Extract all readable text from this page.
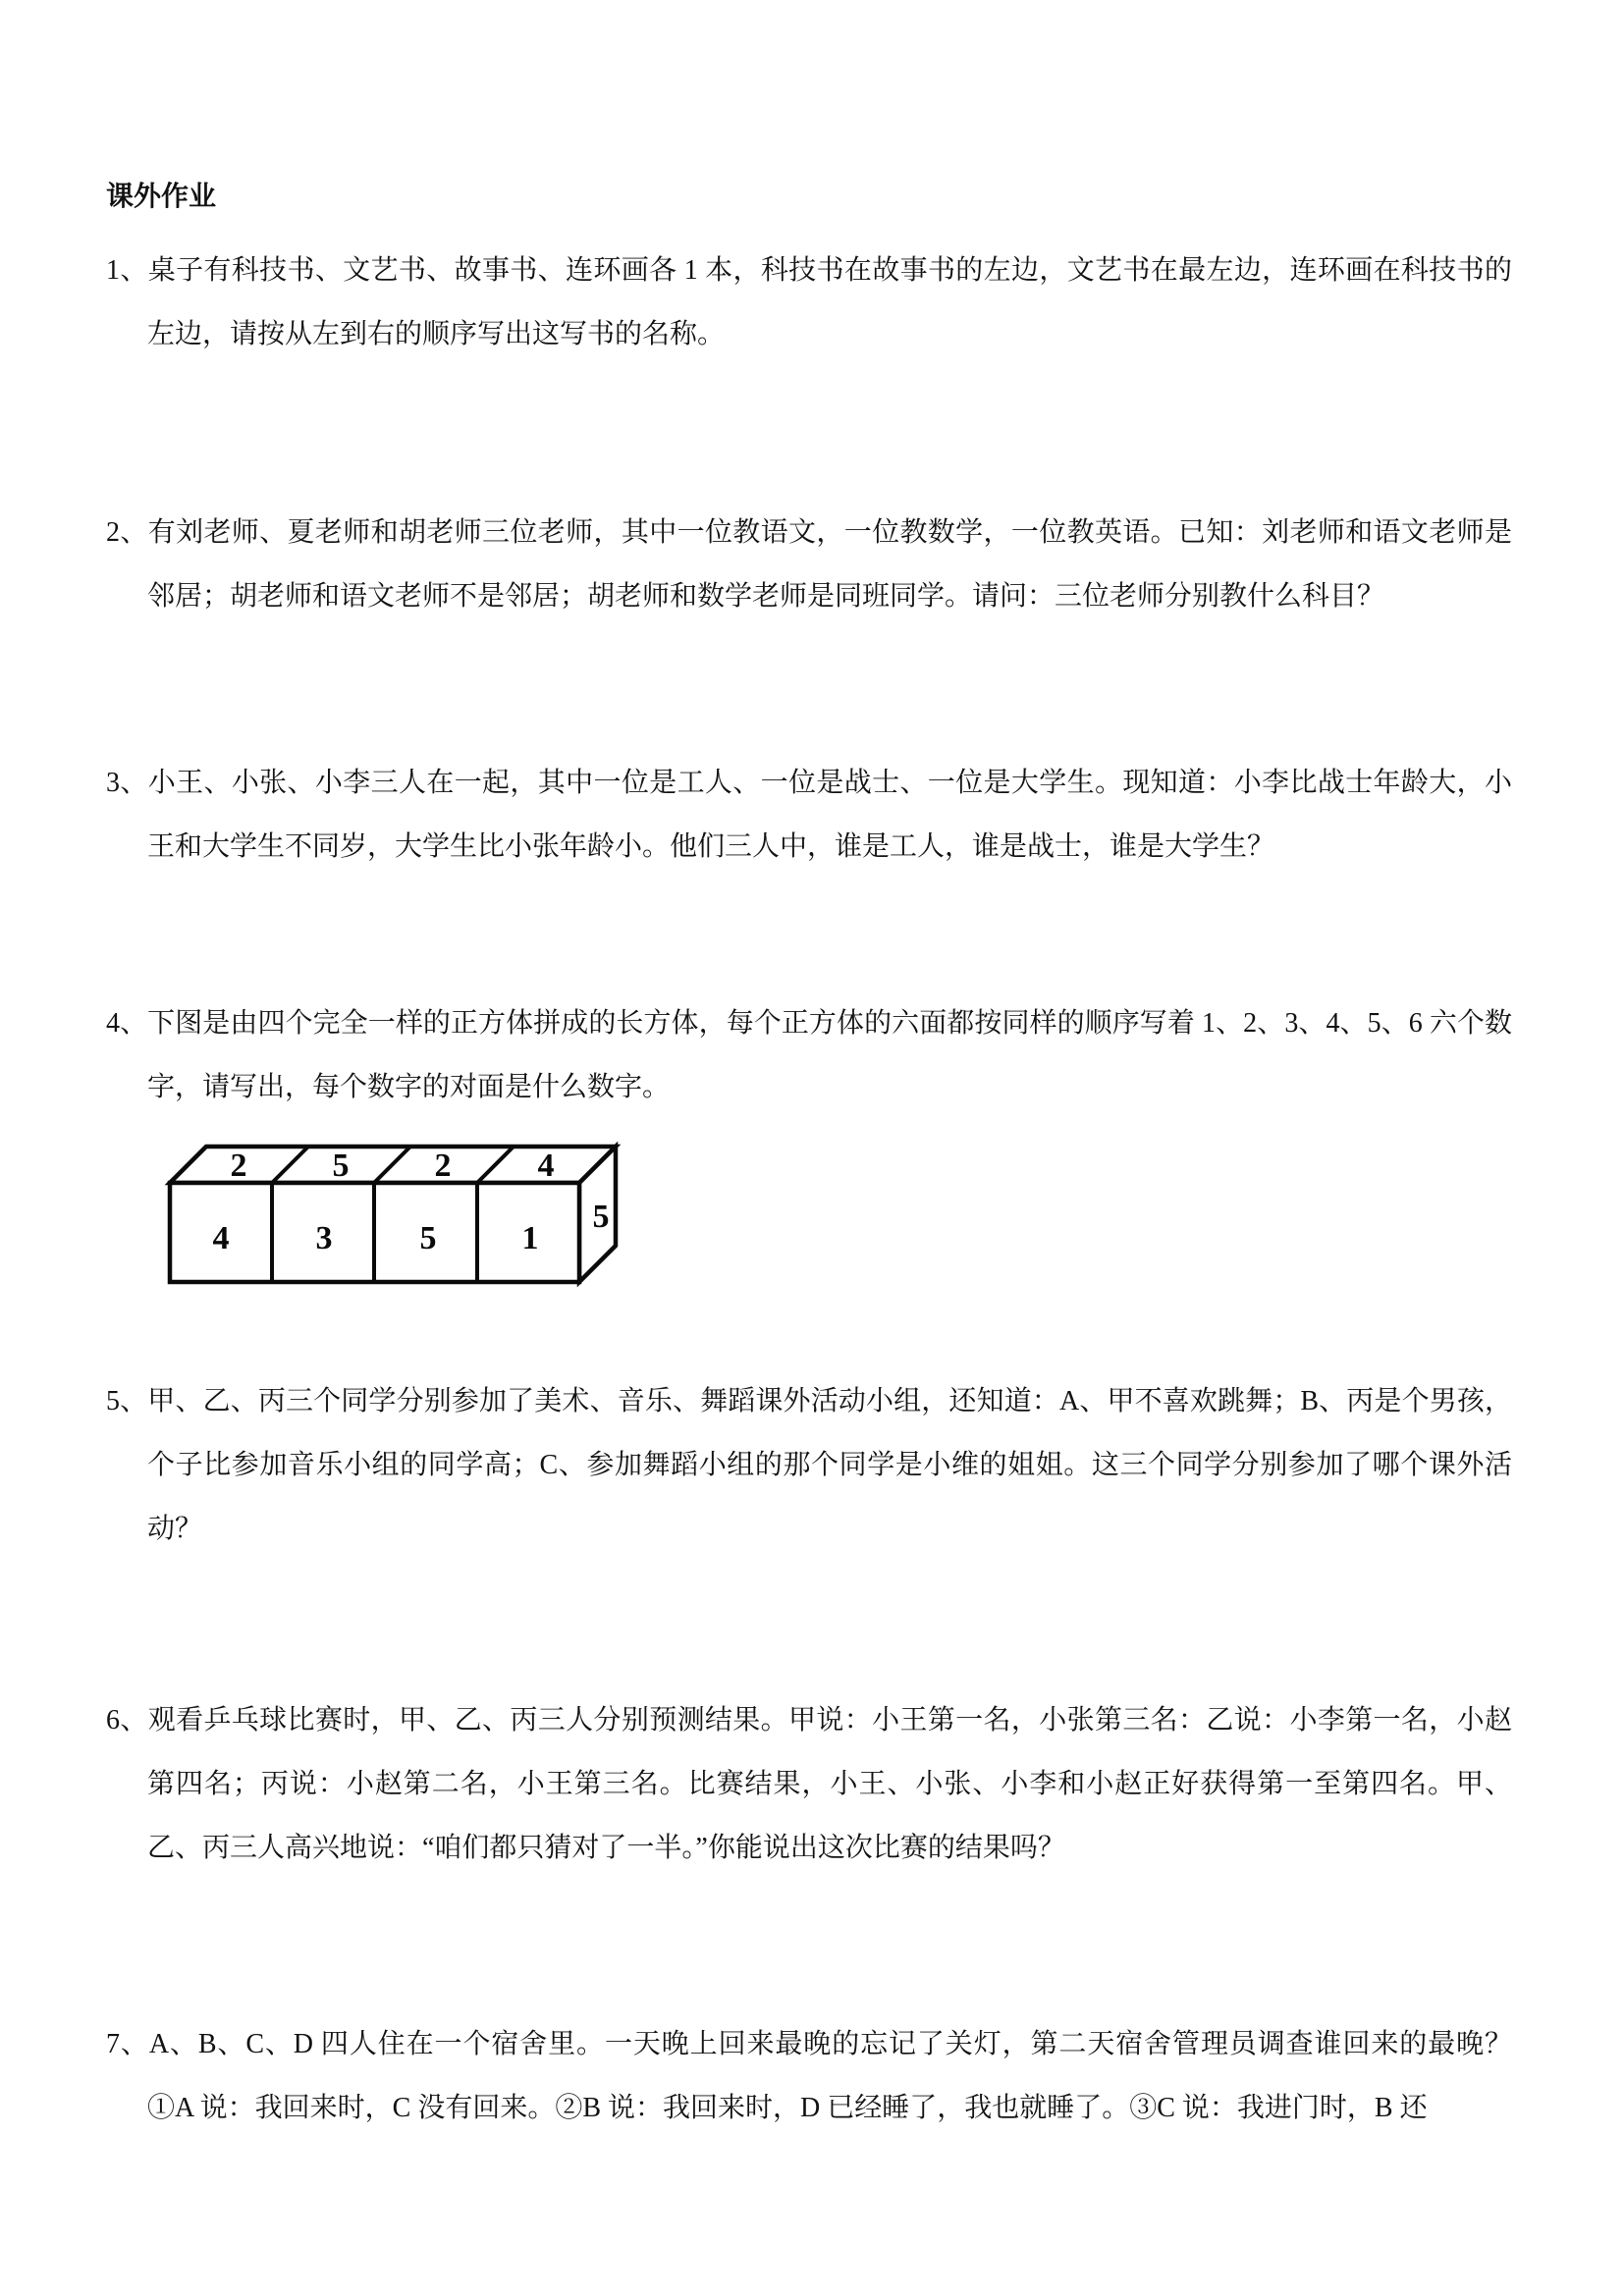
课外作业

1、桌子有科技书、文艺书、故事书、连环画各 1 本，科技书在故事书的左边，文艺书在最左边，连环画在科技书的左边，请按从左到右的顺序写出这写书的名称。

2、有刘老师、夏老师和胡老师三位老师，其中一位教语文，一位教数学，一位教英语。已知：刘老师和语文老师是邻居；胡老师和语文老师不是邻居；胡老师和数学老师是同班同学。请问：三位老师分别教什么科目？

3、小王、小张、小李三人在一起，其中一位是工人、一位是战士、一位是大学生。现知道：小李比战士年龄大，小王和大学生不同岁，大学生比小张年龄小。他们三人中，谁是工人，谁是战士，谁是大学生？

4、下图是由四个完全一样的正方体拼成的长方体，每个正方体的六面都按同样的顺序写着 1、2、3、4、5、6 六个数字，请写出，每个数字的对面是什么数字。

2	5	2	4
4	3	5	1
5

5、甲、乙、丙三个同学分别参加了美术、音乐、舞蹈课外活动小组，还知道：A、甲不喜欢跳舞；B、丙是个男孩，个子比参加音乐小组的同学高；C、参加舞蹈小组的那个同学是小维的姐姐。这三个同学分别参加了哪个课外活动？

6、观看乒乓球比赛时，甲、乙、丙三人分别预测结果。甲说：小王第一名，小张第三名：乙说：小李第一名，小赵第四名；丙说：小赵第二名，小王第三名。比赛结果，小王、小张、小李和小赵正好获得第一至第四名。甲、乙、丙三人高兴地说：“咱们都只猜对了一半。”你能说出这次比赛的结果吗？

7、A、B、C、D 四人住在一个宿舍里。一天晚上回来最晚的忘记了关灯，第二天宿舍管理员调查谁回来的最晚？①A 说：我回来时，C 没有回来。②B 说：我回来时，D 已经睡了，我也就睡了。③C 说：我进门时，B 还
